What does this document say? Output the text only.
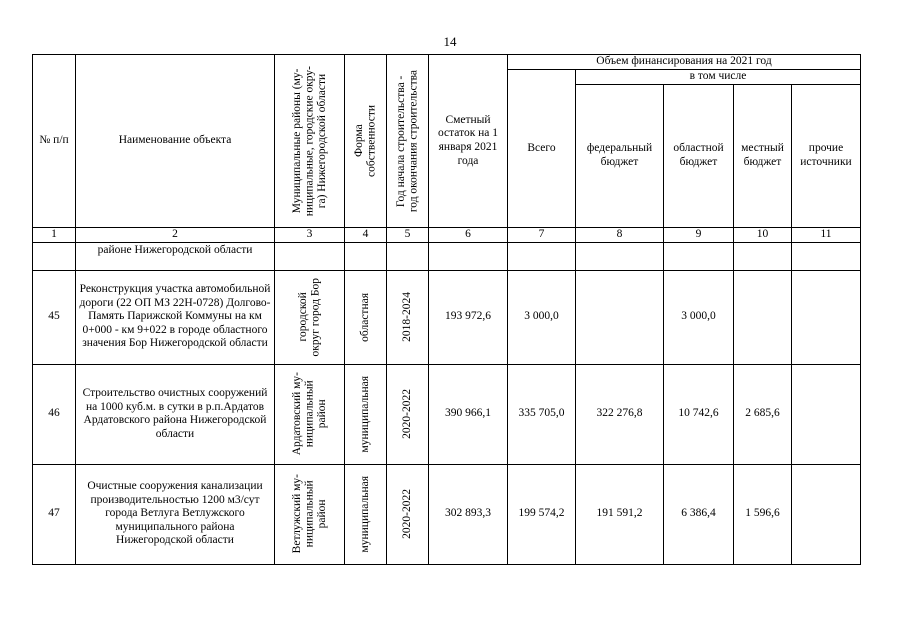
14
№ п/п	Наименование объекта	Муниципальные районы (му- ниципальные, городские окру- га) Нижегородской области	Форма собственности	Год начала строительства - год окончания строительства	Сметный остаток на 1 января 2021 года	Объем финансирования на 2021 год				
						Всего	в том числе			
							федеральный бюджет	областной бюджет	местный бюджет	прочие источники
1	2	3	4	5	6	7	8	9	10	11
	районе Нижегородской области									
45	Реконструкция участка автомобильной дороги (22 ОП МЗ 22Н-0728) Долгово-Память Парижской Коммуны на км 0+000 - км 9+022 в городе областного значения Бор Нижегородской области	городской округ город Бор	областная	2018-2024	193 972,6	3 000,0		3 000,0		
46	Строительство очистных сооружений на 1000 куб.м. в сутки в р.п.Ардатов Ардатовского района Нижегородской области	Ардатовский му- ниципальный район	муниципальная	2020-2022	390 966,1	335 705,0	322 276,8	10 742,6	2 685,6	
47	Очистные сооружения канализации производительностью 1200 м3/сут города Ветлуга Ветлужского муниципального района Нижегородской области	Ветлужский му- ниципальный район	муниципальная	2020-2022	302 893,3	199 574,2	191 591,2	6 386,4	1 596,6	
